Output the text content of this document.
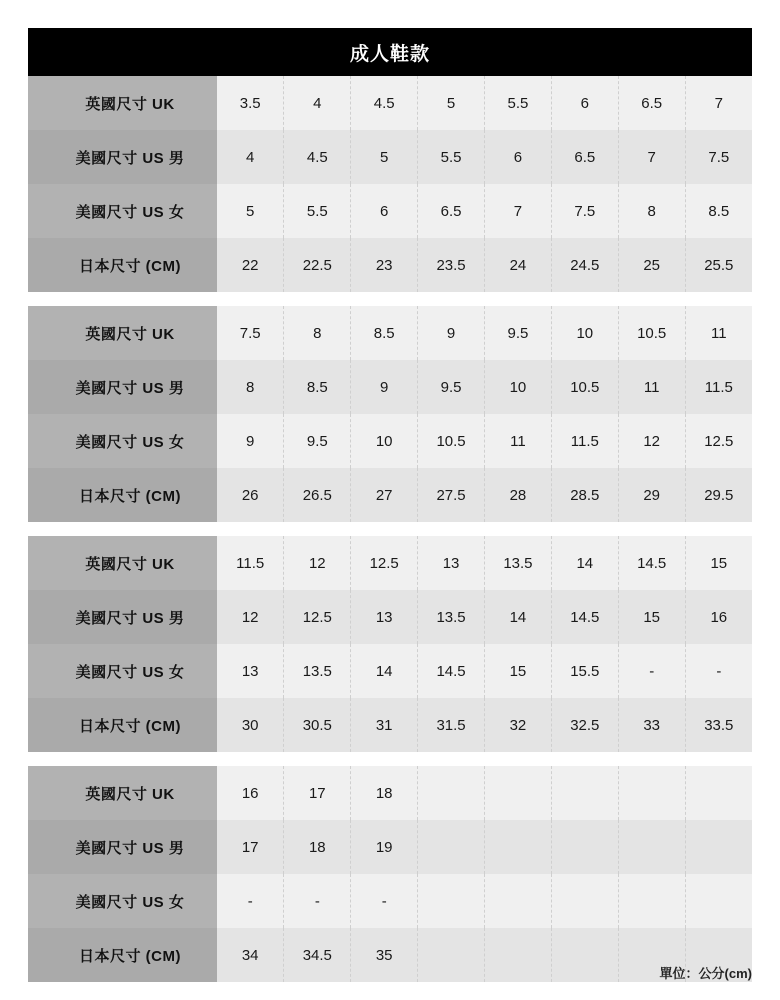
成人鞋款
英國尺寸 UK	3.5	4	4.5	5	5.5	6	6.5	7
美國尺寸 US 男	4	4.5	5	5.5	6	6.5	7	7.5
美國尺寸 US 女	5	5.5	6	6.5	7	7.5	8	8.5
日本尺寸 (CM)	22	22.5	23	23.5	24	24.5	25	25.5
英國尺寸 UK	7.5	8	8.5	9	9.5	10	10.5	11
美國尺寸 US 男	8	8.5	9	9.5	10	10.5	11	11.5
美國尺寸 US 女	9	9.5	10	10.5	11	11.5	12	12.5
日本尺寸 (CM)	26	26.5	27	27.5	28	28.5	29	29.5
英國尺寸 UK	11.5	12	12.5	13	13.5	14	14.5	15
美國尺寸 US 男	12	12.5	13	13.5	14	14.5	15	16
美國尺寸 US 女	13	13.5	14	14.5	15	15.5	-	-
日本尺寸 (CM)	30	30.5	31	31.5	32	32.5	33	33.5
英國尺寸 UK	16	17	18					
美國尺寸 US 男	17	18	19					
美國尺寸 US 女	-	-	-					
日本尺寸 (CM)	34	34.5	35					
單位：公分(cm)
